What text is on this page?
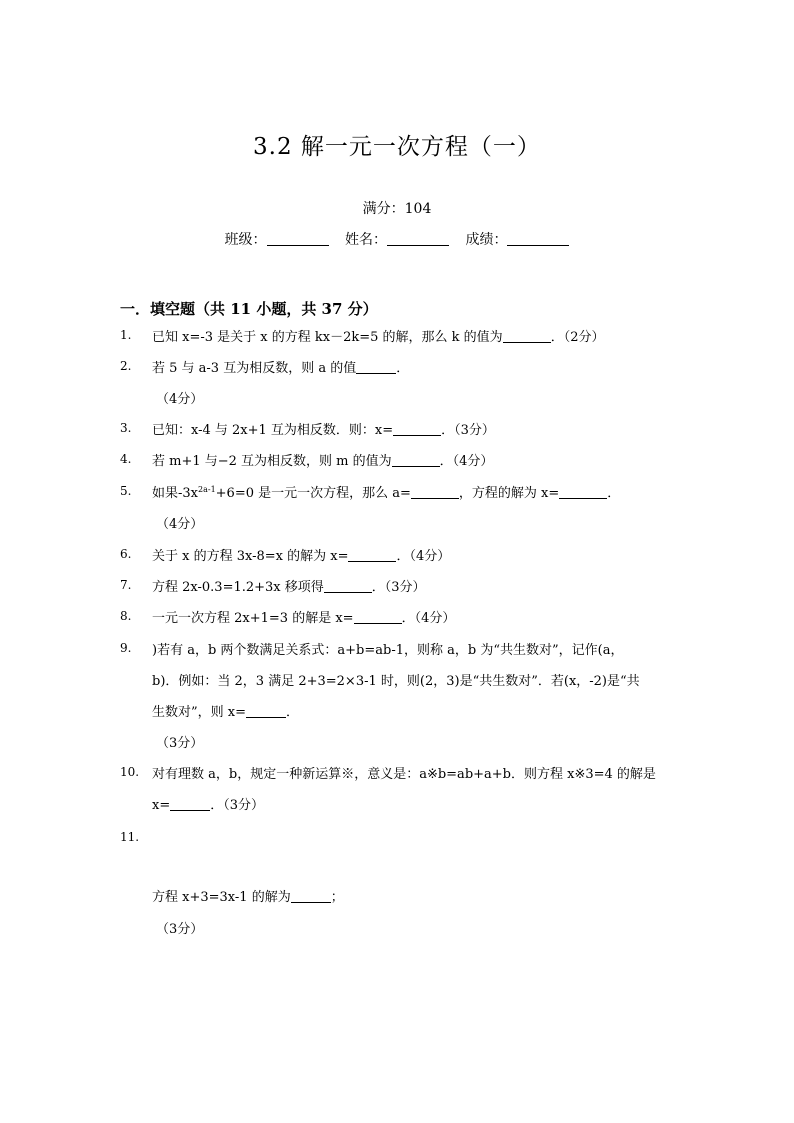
3.2 解一元一次方程（一）
满分：104
班级：	姓名：	成绩：
一．填空题（共 11 小题，共 37 分）
1.	已知 x=-3 是关于 x 的方程 kx－2k=5 的解，那么 k 的值为	．（2分）
2.	若 5 与 a-3 互为相反数，则 a 的值	．
（4分）
3.	已知：x-4 与 2x+1 互为相反数．则：x=	．（3分）
4.	若 m+1 与−2 互为相反数，则 m 的值为	．（4分）
5.	如果$-3x^{2a-1}+6=0$ 是一元一次方程，那么 a=	，方程的解为 x=	．
（4分）
6.	关于 x 的方程 3x-8=x 的解为 x=	．（4分）
7.	方程 2x-0.3=1.2+3x 移项得	．（3分）
8.	一元一次方程 2x+1=3 的解是 x=	．（4分）
9.	)若有 a，b 两个数满足关系式：a+b=ab-1，则称 a，b 为“共生数对”，记作(a，
b)．例如：当 2，3 满足 2+3=2×3-1 时，则(2，3)是“共生数对”．若(x，-2)是“共
生数对”，则 x=	．
（3分）
10. 对有理数 a，b，规定一种新运算※，意义是：a※b=ab+a+b．则方程 x※3=4 的解是
x=	．（3分）
11.
方程 x+3=3x-1 的解为	；
（3分）
